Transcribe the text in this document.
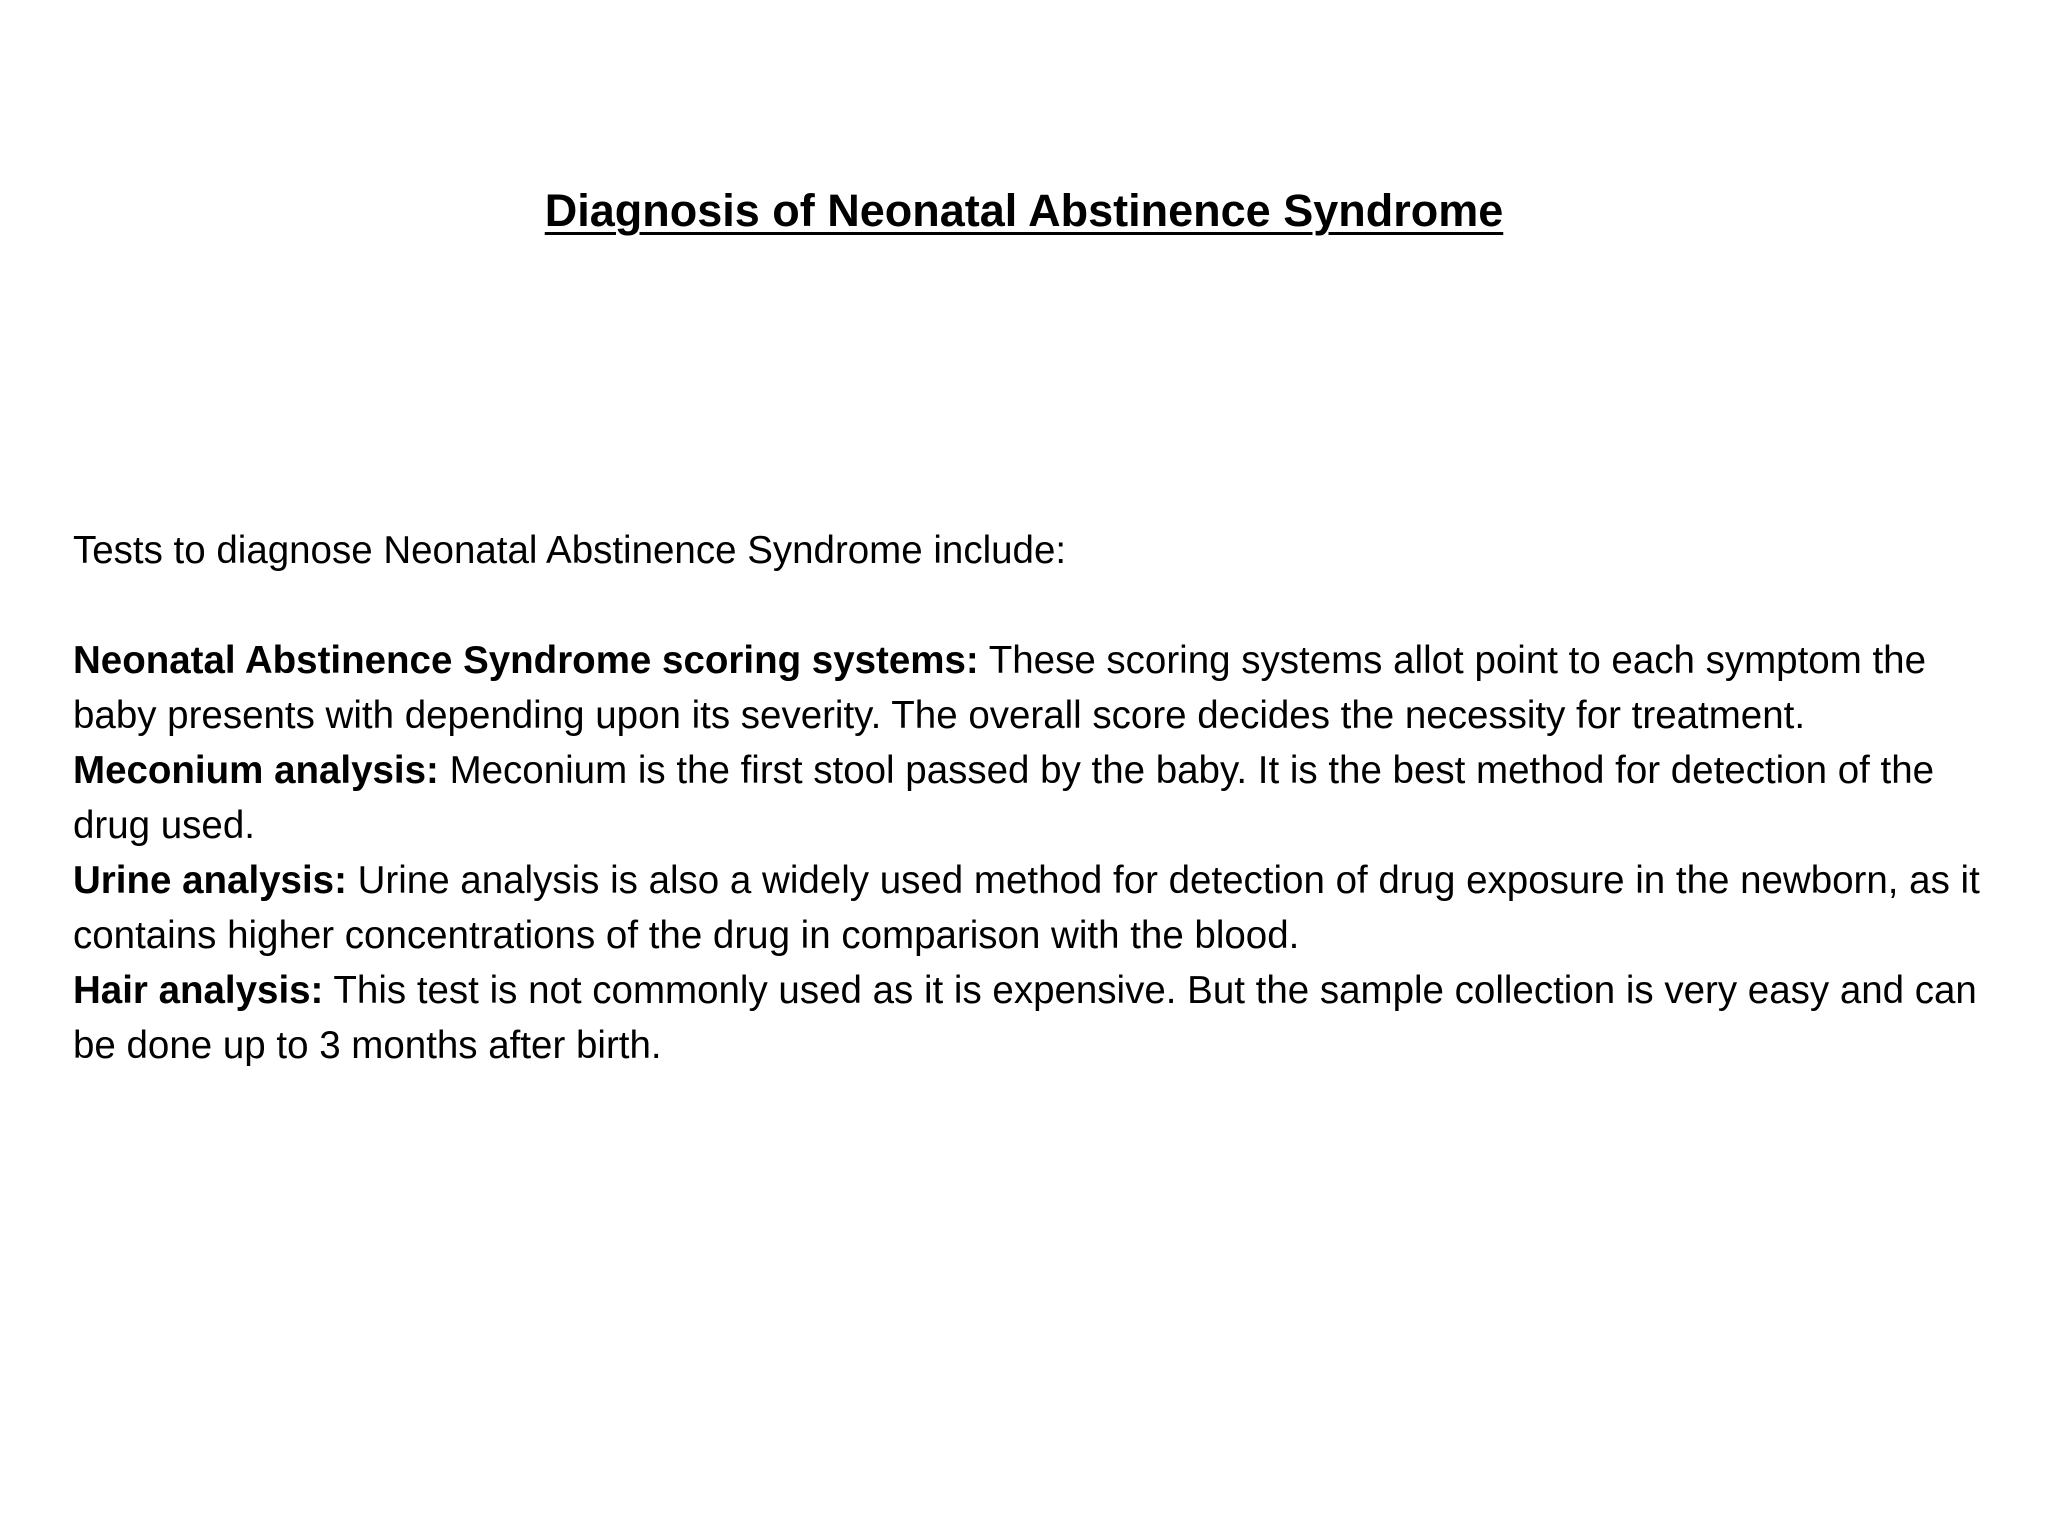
Diagnosis of Neonatal Abstinence Syndrome

Tests to diagnose Neonatal Abstinence Syndrome include:

Neonatal Abstinence Syndrome scoring systems: These scoring systems allot point to each symptom the baby presents with depending upon its severity. The overall score decides the necessity for treatment.

Meconium analysis: Meconium is the first stool passed by the baby. It is the best method for detection of the drug used.

Urine analysis: Urine analysis is also a widely used method for detection of drug exposure in the newborn, as it contains higher concentrations of the drug in comparison with the blood.

Hair analysis: This test is not commonly used as it is expensive. But the sample collection is very easy and can be done up to 3 months after birth.
